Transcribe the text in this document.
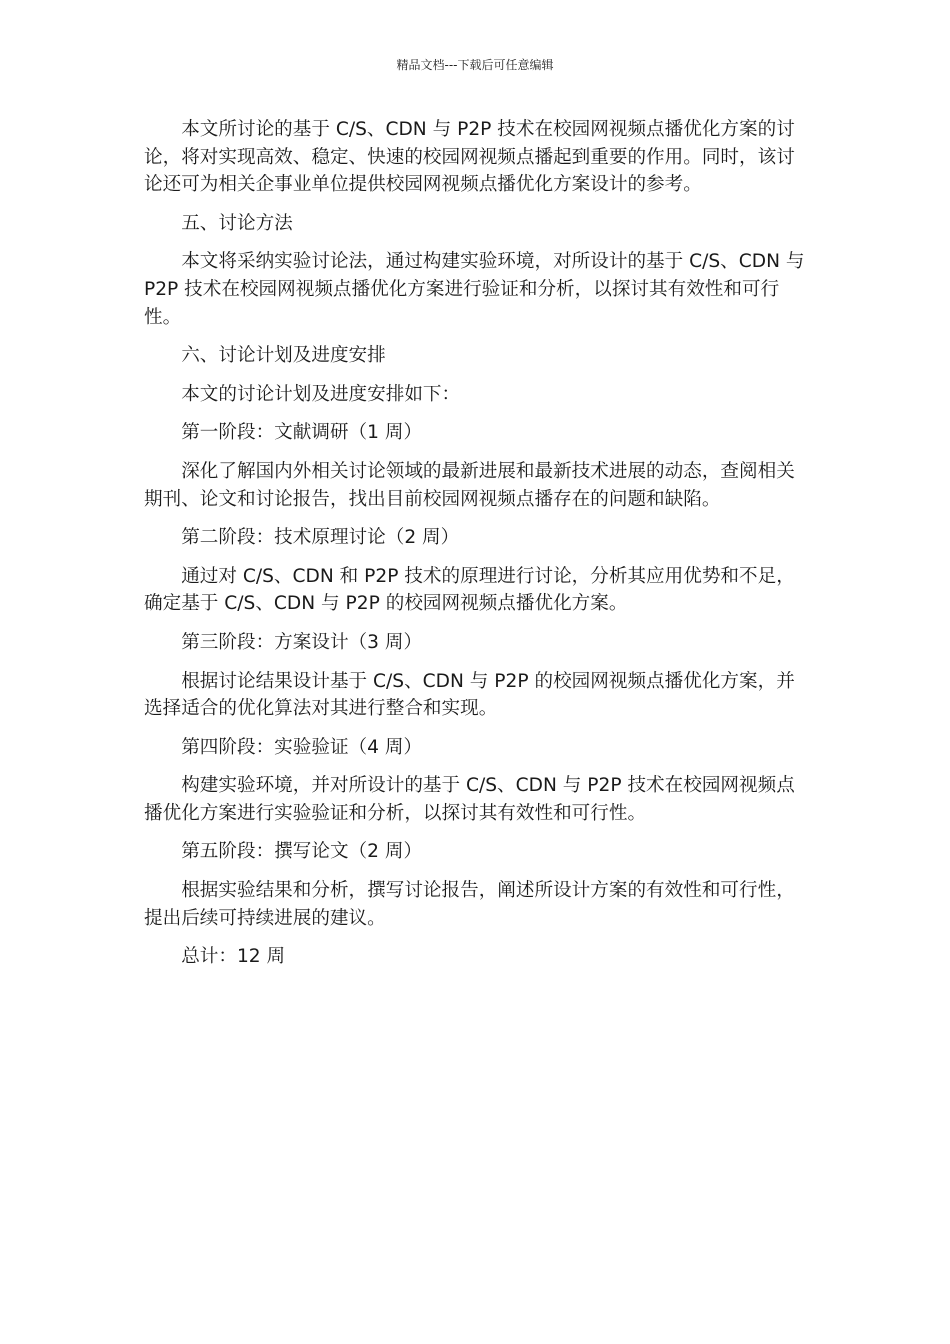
精品文档---下载后可任意编辑

本文所讨论的基于 C/S、CDN 与 P2P 技术在校园网视频点播优化方案的讨论，将对实现高效、稳定、快速的校园网视频点播起到重要的作用。同时，该讨论还可为相关企事业单位提供校园网视频点播优化方案设计的参考。

五、讨论方法

本文将采纳实验讨论法，通过构建实验环境，对所设计的基于 C/S、CDN 与 P2P 技术在校园网视频点播优化方案进行验证和分析，以探讨其有效性和可行性。

六、讨论计划及进度安排

本文的讨论计划及进度安排如下：

第一阶段：文献调研（1 周）

深化了解国内外相关讨论领域的最新进展和最新技术进展的动态，查阅相关期刊、论文和讨论报告，找出目前校园网视频点播存在的问题和缺陷。

第二阶段：技术原理讨论（2 周）

通过对 C/S、CDN 和 P2P 技术的原理进行讨论，分析其应用优势和不足，确定基于 C/S、CDN 与 P2P 的校园网视频点播优化方案。

第三阶段：方案设计（3 周）

根据讨论结果设计基于 C/S、CDN 与 P2P 的校园网视频点播优化方案，并选择适合的优化算法对其进行整合和实现。

第四阶段：实验验证（4 周）

构建实验环境，并对所设计的基于 C/S、CDN 与 P2P 技术在校园网视频点播优化方案进行实验验证和分析，以探讨其有效性和可行性。

第五阶段：撰写论文（2 周）

根据实验结果和分析，撰写讨论报告，阐述所设计方案的有效性和可行性，提出后续可持续进展的建议。

总计：12 周
